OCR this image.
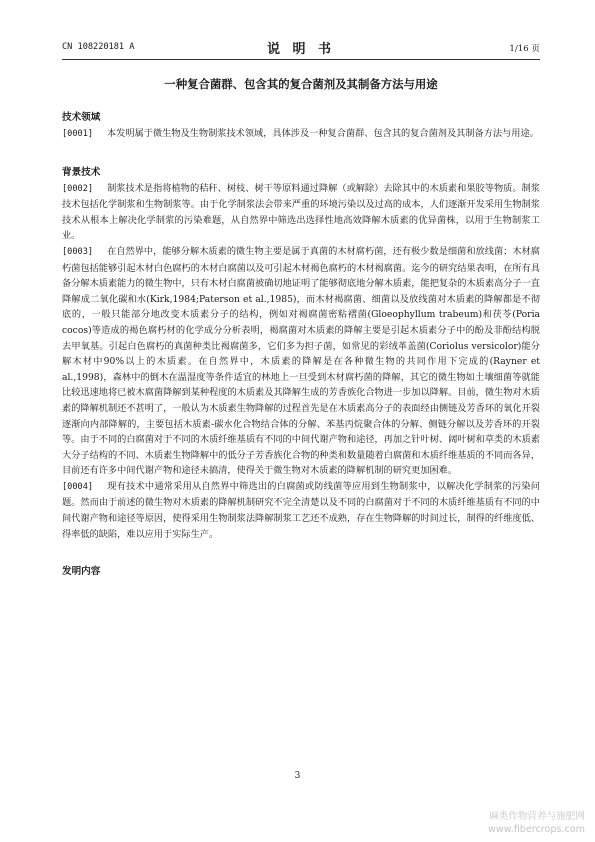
CN 108220181 A	说 明 书	1/16 页
一种复合菌群、包含其的复合菌剂及其制备方法与用途
技术领域

[0001] 本发明属于微生物及生物制浆技术领域，具体涉及一种复合菌群、包含其的复合菌剂及其制备方法与用途。

背景技术

[0002] 制浆技术是指将植物的秸秆、树枝、树干等原料通过降解（或解除）去除其中的木质素和果胶等物质。制浆技术包括化学制浆和生物制浆等。由于化学制浆法会带来严重的环境污染以及过高的成本，人们逐渐开发采用生物制浆技术从根本上解决化学制浆的污染难题，从自然界中筛选出选择性地高效降解木质素的优异菌株，以用于生物制浆工业。

[0003] 在自然界中，能够分解木质素的微生物主要是属于真菌的木材腐朽菌，还有极少数是细菌和放线菌；木材腐朽菌包括能够引起木材白色腐朽的木材白腐菌以及可引起木材褐色腐朽的木材褐腐菌。迄今的研究结果表明，在所有具备分解木质素能力的微生物中，只有木材白腐菌被确切地证明了能够彻底地分解木质素，能把复杂的木质素高分子一直降解成二氧化碳和水(Kirk,1984;Paterson et al.,1985)，而木材褐腐菌、细菌以及放线菌对木质素的降解都是不彻底的，一般只能部分地改变木质素分子的结构，例如对褐腐菌密粘褶菌(Gloeophyllum trabeum)和茯苓(Poria cocos)等造成的褐色腐朽材的化学成分分析表明，褐腐菌对木质素的降解主要是引起木质素分子中的酚及非酚结构脱去甲氧基。引起白色腐朽的真菌种类比褐腐菌多，它们多为担子菌，如常见的彩绒革盖菌(Coriolus versicolor)能分解木材中90%以上的木质素。在自然界中，木质素的降解是在各种微生物的共同作用下完成的(Rayner et al.,1998)，森林中的倒木在温湿度等条件适宜的林地上一旦受到木材腐朽菌的降解，其它的微生物如土壤细菌等就能比较迅速地将已被木腐菌降解到某种程度的木质素及其降解生成的芳香族化合物进一步加以降解。目前，微生物对木质素的降解机制还不甚明了，一般认为木质素生物降解的过程首先是在木质素高分子的表面经由侧链及芳香环的氧化开裂逐渐向内部降解的，主要包括木质素-碳水化合物结合体的分解、苯基丙烷聚合体的分解、侧链分解以及芳香环的开裂等。由于不同的白腐菌对于不同的木质纤维基质有不同的中间代谢产物和途径，再加之针叶树、阔叶树和草类的木质素大分子结构的不同、木质素生物降解中的低分子芳香族化合物的种类和数量随着白腐菌和木质纤维基质的不同而各异，目前还有许多中间代谢产物和途径未搞清，使得关于微生物对木质素的降解机制的研究更加困难。

[0004] 现有技术中通常采用从自然界中筛选出的白腐菌或防线菌等应用到生物制浆中，以解决化学制浆的污染问题。然而由于前述的微生物对木质素的降解机制研究不完全清楚以及不同的白腐菌对于不同的木质纤维基质有不同的中间代谢产物和途径等原因，使得采用生物制浆法降解制浆工艺还不成熟，存在生物降解的时间过长，制得的纤维度低、得率低的缺陷，难以应用于实际生产。

发明内容
3
麻类作物营养与施肥网
www.fibercrops.com
